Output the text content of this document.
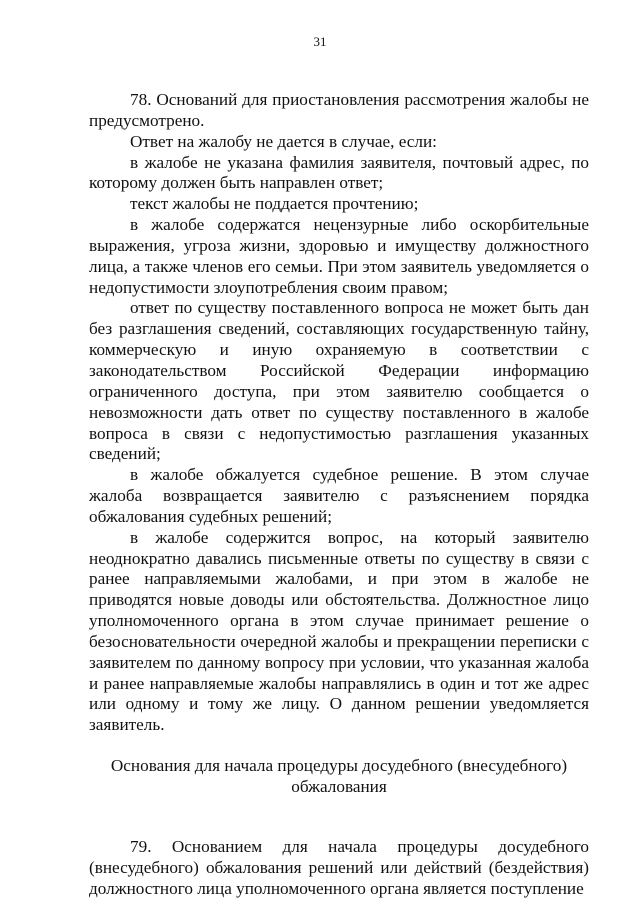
31

78. Оснований для приостановления рассмотрения жалобы не предусмотрено.

Ответ на жалобу не дается в случае, если:

в жалобе не указана фамилия заявителя, почтовый адрес, по которому должен быть направлен ответ;

текст жалобы не поддается прочтению;

в жалобе содержатся нецензурные либо оскорбительные выражения, угроза жизни, здоровью и имуществу должностного лица, а также членов его семьи. При этом заявитель уведомляется о недопустимости злоупотребления своим правом;

ответ по существу поставленного вопроса не может быть дан без разглашения сведений, составляющих государственную тайну, коммерческую и иную охраняемую в соответствии с законодательством Российской Федерации информацию ограниченного доступа, при этом заявителю сообщается о невозможности дать ответ по существу поставленного в жалобе вопроса в связи с недопустимостью разглашения указанных сведений;

в жалобе обжалуется судебное решение. В этом случае жалоба возвращается заявителю с разъяснением порядка обжалования судебных решений;

в жалобе содержится вопрос, на который заявителю неоднократно давались письменные ответы по существу в связи с ранее направляемыми жалобами, и при этом в жалобе не приводятся новые доводы или обстоятельства. Должностное лицо уполномоченного органа в этом случае принимает решение о безосновательности очередной жалобы и прекращении переписки с заявителем по данному вопросу при условии, что указанная жалоба и ранее направляемые жалобы направлялись в один и тот же адрес или одному и тому же лицу. О данном решении уведомляется заявитель.

Основания для начала процедуры досудебного (внесудебного) обжалования

79. Основанием для начала процедуры досудебного (внесудебного) обжалования решений или действий (бездействия) должностного лица уполномоченного органа является поступление
